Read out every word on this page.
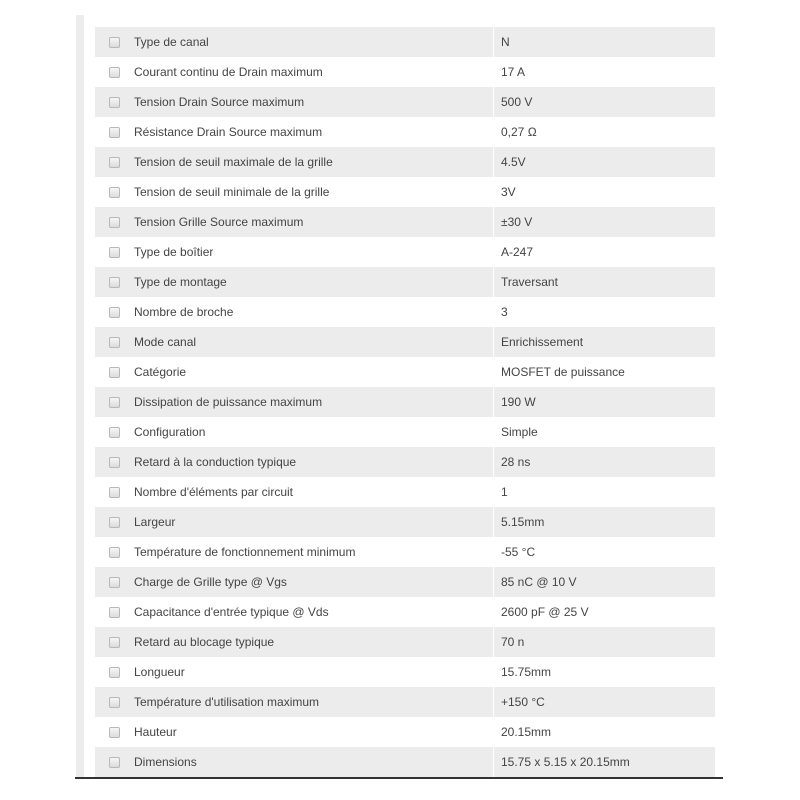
	Type de canal	N
	Courant continu de Drain maximum	17 A
	Tension Drain Source maximum	500 V
	Résistance Drain Source maximum	0,27 Ω
	Tension de seuil maximale de la grille	4.5V
	Tension de seuil minimale de la grille	3V
	Tension Grille Source maximum	±30 V
	Type de boîtier	A-247
	Type de montage	Traversant
	Nombre de broche	3
	Mode canal	Enrichissement
	Catégorie	MOSFET de puissance
	Dissipation de puissance maximum	190 W
	Configuration	Simple
	Retard à la conduction typique	28 ns
	Nombre d'éléments par circuit	1
	Largeur	5.15mm
	Température de fonctionnement minimum	-55 °C
	Charge de Grille type @ Vgs	85 nC @ 10 V
	Capacitance d'entrée typique @ Vds	2600 pF @ 25 V
	Retard au blocage typique	70 n
	Longueur	15.75mm
	Température d'utilisation maximum	+150 °C
	Hauteur	20.15mm
	Dimensions	15.75 x 5.15 x 20.15mm
